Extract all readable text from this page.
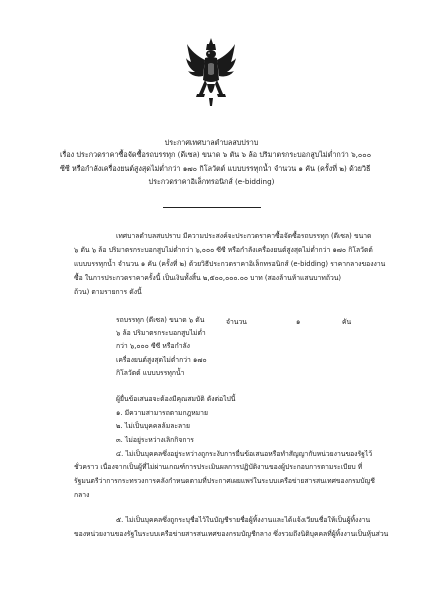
ประกาศเทศบาลตำบลสบปราบ
เรื่อง ประกวดราคาซื้อจัดซื้อรถบรรทุก (ดีเซล) ขนาด ๖ ตัน ๖ ล้อ ปริมาตรกระบอกสูบไม่ต่ำกว่า ๖,๐๐๐
ซีซี หรือกำลังเครื่องยนต์สูงสุดไม่ต่ำกว่า ๑๗๐ กิโลวัตต์ แบบบรรทุกน้ำ จำนวน ๑ คัน (ครั้งที่ ๒) ด้วยวิธี
ประกวดราคาอิเล็กทรอนิกส์ (e-bidding)
เทศบาลตำบลสบปราบ มีความประสงค์จะประกวดราคาซื้อจัดซื้อรถบรรทุก (ดีเซล) ขนาด
๖ ตัน ๖ ล้อ ปริมาตรกระบอกสูบไม่ต่ำกว่า ๖,๐๐๐ ซีซี หรือกำลังเครื่องยนต์สูงสุดไม่ต่ำกว่า ๑๗๐ กิโลวัตต์
แบบบรรทุกน้ำ จำนวน ๑ คัน (ครั้งที่ ๒) ด้วยวิธีประกวดราคาอิเล็กทรอนิกส์ (e-bidding) ราคากลางของงาน
ซื้อ ในการประกวดราคาครั้งนี้ เป็นเงินทั้งสิ้น ๒,๕๐๐,๐๐๐.๐๐ บาท (สองล้านห้าแสนบาทถ้วน)
ถ้วน) ตามรายการ ดังนี้
รถบรรทุก (ดีเซล) ขนาด ๖ ตัน	จำนวน	๑	คัน
๖ ล้อ ปริมาตรกระบอกสูบไม่ต่ำ
กว่า ๖,๐๐๐ ซีซี หรือกำลัง
เครื่องยนต์สูงสุดไม่ต่ำกว่า ๑๗๐
กิโลวัตต์ แบบบรรทุกน้ำ
ผู้ยื่นข้อเสนอจะต้องมีคุณสมบัติ ดังต่อไปนี้
๑. มีความสามารถตามกฎหมาย
๒. ไม่เป็นบุคคลล้มละลาย
๓. ไม่อยู่ระหว่างเลิกกิจการ
๔. ไม่เป็นบุคคลซึ่งอยู่ระหว่างถูกระงับการยื่นข้อเสนอหรือทำสัญญากับหน่วยงานของรัฐไว้
ชั่วคราว เนื่องจากเป็นผู้ที่ไม่ผ่านเกณฑ์การประเมินผลการปฏิบัติงานของผู้ประกอบการตามระเบียบ ที่
รัฐมนตรีว่าการกระทรวงการคลังกำหนดตามที่ประกาศเผยแพร่ในระบบเครือข่ายสารสนเทศของกรมบัญชี
กลาง
๕. ไม่เป็นบุคคลซึ่งถูกระบุชื่อไว้ในบัญชีรายชื่อผู้ทิ้งงานและได้แจ้งเวียนชื่อให้เป็นผู้ทิ้งงาน
ของหน่วยงานของรัฐในระบบเครือข่ายสารสนเทศของกรมบัญชีกลาง ซึ่งรวมถึงนิติบุคคลที่ผู้ทิ้งงานเป็นหุ้นส่วน
